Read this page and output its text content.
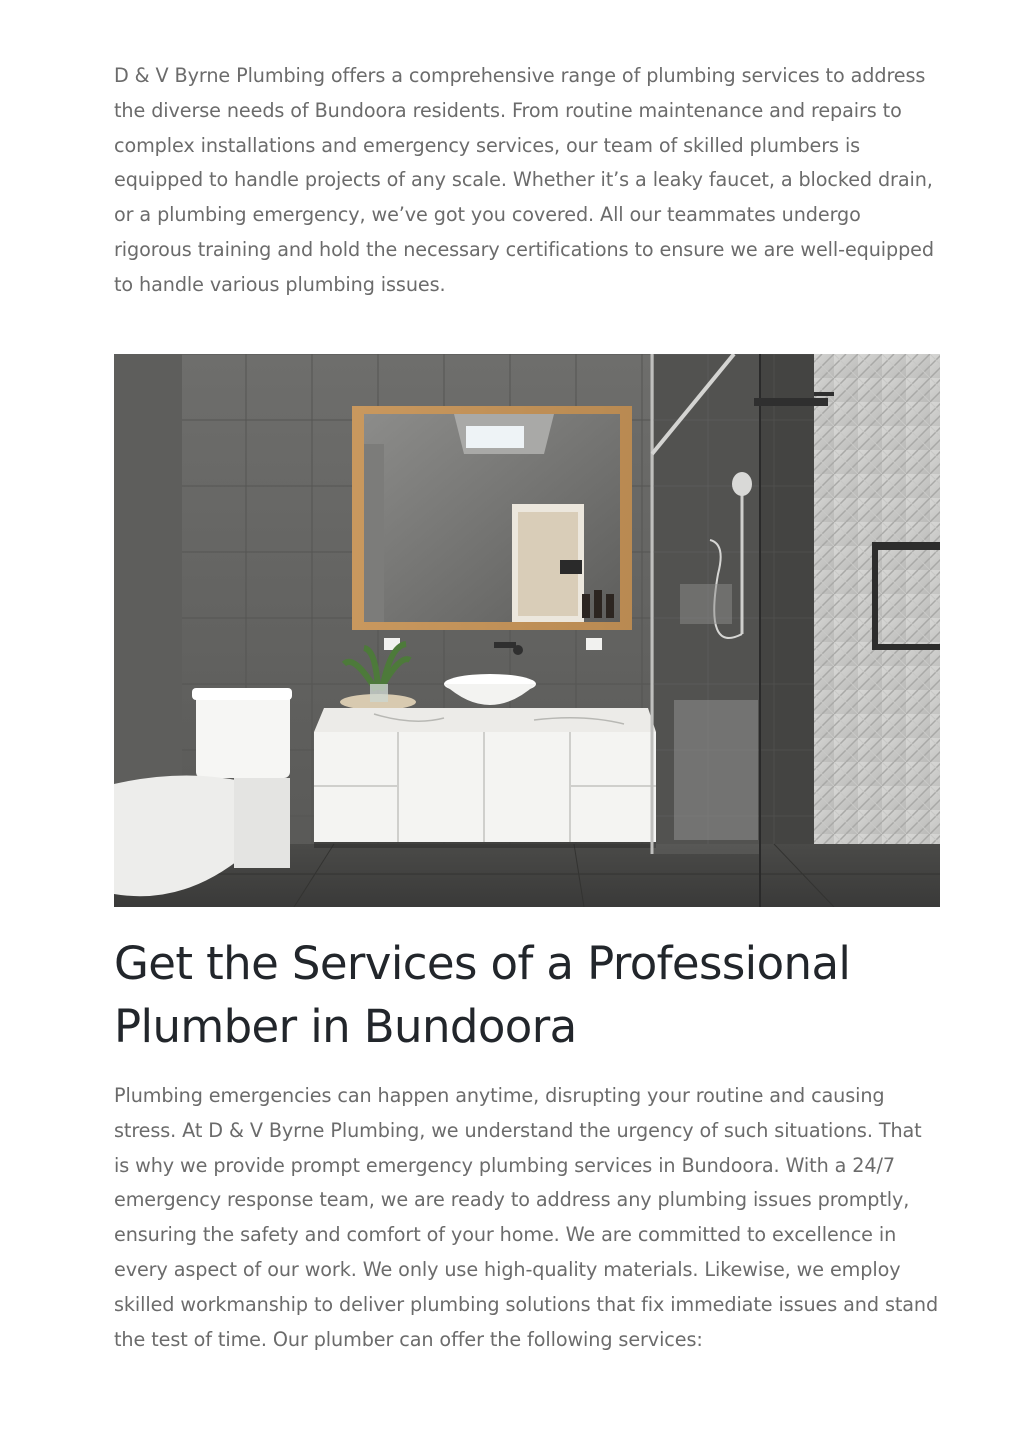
D & V Byrne Plumbing offers a comprehensive range of plumbing services to address the diverse needs of Bundoora residents. From routine maintenance and repairs to complex installations and emergency services, our team of skilled plumbers is equipped to handle projects of any scale. Whether it’s a leaky faucet, a blocked drain, or a plumbing emergency, we’ve got you covered. All our teammates undergo rigorous training and hold the necessary certifications to ensure we are well-equipped to handle various plumbing issues.

Get the Services of a Professional Plumber in Bundoora

Plumbing emergencies can happen anytime, disrupting your routine and causing stress. At D & V Byrne Plumbing, we understand the urgency of such situations. That is why we provide prompt emergency plumbing services in Bundoora. With a 24/7 emergency response team, we are ready to address any plumbing issues promptly, ensuring the safety and comfort of your home. We are committed to excellence in every aspect of our work. We only use high-quality materials. Likewise, we employ skilled workmanship to deliver plumbing solutions that fix immediate issues and stand the test of time. Our plumber can offer the following services:
